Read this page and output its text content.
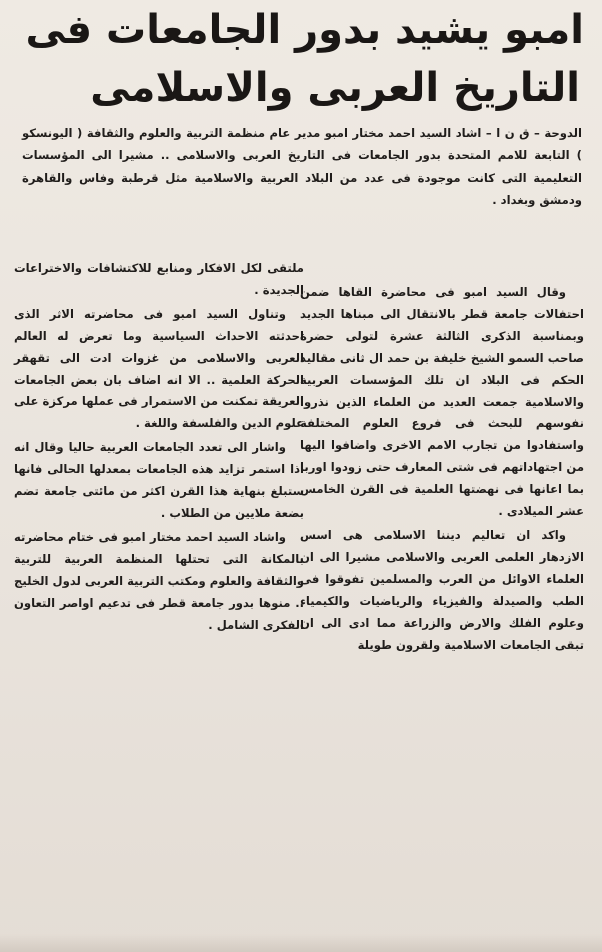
امبو يشيد بدور الجامعات فى
التاريخ العربى والاسلامى

الدوحة – ق ن ا – اشاد السيد احمد مختار امبو مدير عام منظمة التربية والعلوم والثقافة ( اليونسكو ) التابعة للامم المتحدة بدور الجامعات فى التاريخ العربى والاسلامى .. مشيرا الى المؤسسات التعليمية التى كانت موجودة فى عدد من البلاد العربية والاسلامية مثل قرطبة وفاس والقاهرة ودمشق وبغداد .

وقال السيد امبو فى محاضرة القاها ضمن احتفالات جامعة قطر بالانتقال الى مبناها الجديد وبمناسبة الذكرى الثالثة عشرة لتولى حضرة صاحب السمو الشيخ خليفة بن حمد ال ثانى مقاليد الحكم فى البلاد ان تلك المؤسسات العربية والاسلامية جمعت العديد من العلماء الذين نذروا نفوسهم للبحث فى فروع العلوم المختلفة واستفادوا من تجارب الامم الاخرى واضافوا اليها من اجتهاداتهم فى شتى المعارف حتى زودوا اوربا بما اعانها فى نهضتها العلمية فى القرن الخامس عشر الميلادى .

واكد ان تعاليم ديننا الاسلامى هى اسس الازدهار العلمى العربى والاسلامى مشيرا الى ان العلماء الاوائل من العرب والمسلمين تفوقوا فى الطب والصيدلة والفيزياء والرياضيات والكيمياء وعلوم الفلك والارض والزراعة مما ادى الى ان تبقى الجامعات الاسلامية ولقرون طويلة

ملتقى لكل الافكار ومنابع للاكتشافات والاختراعات الجديدة .

وتناول السيد امبو فى محاضرته الاثر الذى احدثته الاحداث السياسية وما تعرض له العالم العربى والاسلامى من غزوات ادت الى تقهقر الحركة العلمية .. الا انه اضاف بان بعض الجامعات العريقة تمكنت من الاستمرار فى عملها مركزة على علوم الدين والفلسفة واللغة .

واشار الى تعدد الجامعات العربية حاليا وقال انه اذا استمر تزايد هذه الجامعات بمعدلها الحالى فانها ستبلغ بنهاية هذا القرن اكثر من مائتى جامعة تضم بضعة ملايين من الطلاب .

واشاد السيد احمد مختار امبو فى ختام محاضرته بالمكانة التى تحتلها المنظمة العربية للتربية والثقافة والعلوم ومكتب التربية العربى لدول الخليج .. منوها بدور جامعة قطر فى تدعيم اواصر التعاون الفكرى الشامل .
